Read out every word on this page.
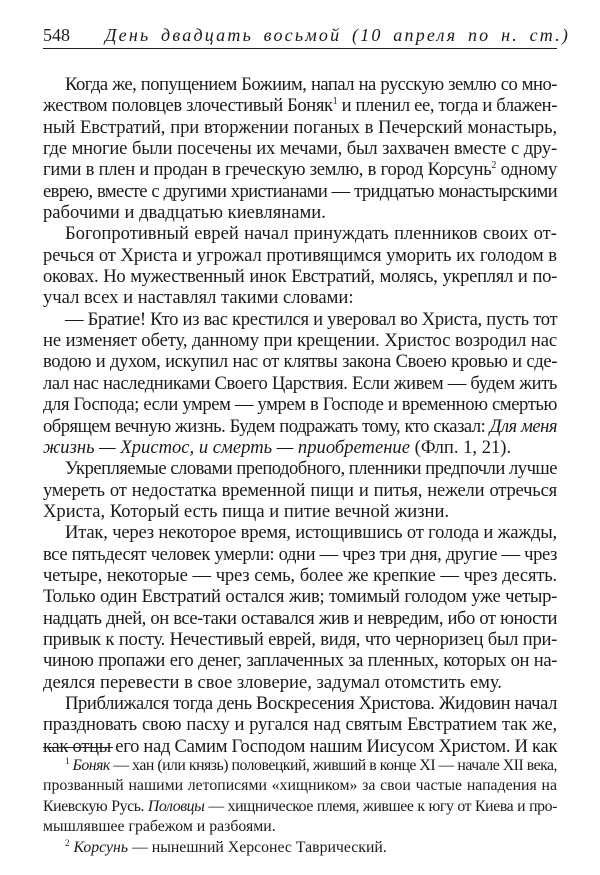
548 День двадцать восьмой (10 апреля по н. ст.)
Когда же, попущением Божиим, напал на русскую землю со мно-
жеством половцев злочестивый Боняк$^1$ и пленил ее, тогда и блажен-
ный Евстратий, при вторжении поганых в Печерский монастырь,
где многие были посечены их мечами, был захвачен вместе с дру-
гими в плен и продан в греческую землю, в город Корсунь$^2$ одному
еврею, вместе с другими христианами — тридцатью монастырскими
рабочими и двадцатью киевлянами.
Богопротивный еврей начал принуждать пленников своих от-
речься от Христа и угрожал противящимся уморить их голодом в
оковах. Но мужественный инок Евстратий, молясь, укреплял и по-
учал всех и наставлял такими словами:
— Братие! Кто из вас крестился и уверовал во Христа, пусть тот
не изменяет обету, данному при крещении. Христос возродил нас
водою и духом, искупил нас от клятвы закона Своею кровью и сде-
лал нас наследниками Своего Царствия. Если живем — будем жить
для Господа; если умрем — умрем в Господе и временною смертью
обрящем вечную жизнь. Будем подражать тому, кто сказал: Для меня
жизнь — Христос, и смерть — приобретение (Флп. 1, 21).
Укрепляемые словами преподобного, пленники предпочли лучше
умереть от недостатка временной пищи и питья, нежели отречься
Христа, Который есть пища и питие вечной жизни.
Итак, через некоторое время, истощившись от голода и жажды,
все пятьдесят человек умерли: одни — чрез три дня, другие — чрез
четыре, некоторые — чрез семь, более же крепкие — чрез десять.
Только один Евстратий остался жив; томимый голодом уже четыр-
надцать дней, он все-таки оставался жив и невредим, ибо от юности
привык к посту. Нечестивый еврей, видя, что черноризец был при-
чиною пропажи его денег, заплаченных за пленных, которых он на-
деялся перевести в свое зловерие, задумал отомстить ему.
Приближался тогда день Воскресения Христова. Жидовин начал
праздновать свою пасху и ругался над святым Евстратием так же,
как отцы его над Самим Господом нашим Иисусом Христом. И как
$^1$ Боняк — хан (или князь) половецкий, живший в конце XI — начале XII века,
прозванный нашими летописями «хищником» за свои частые нападения на
Киевскую Русь. Половцы — хищническое племя, жившее к югу от Киева и про-
мышлявшее грабежом и разбоями.
$^2$ Корсунь — нынешний Херсонес Таврический.
